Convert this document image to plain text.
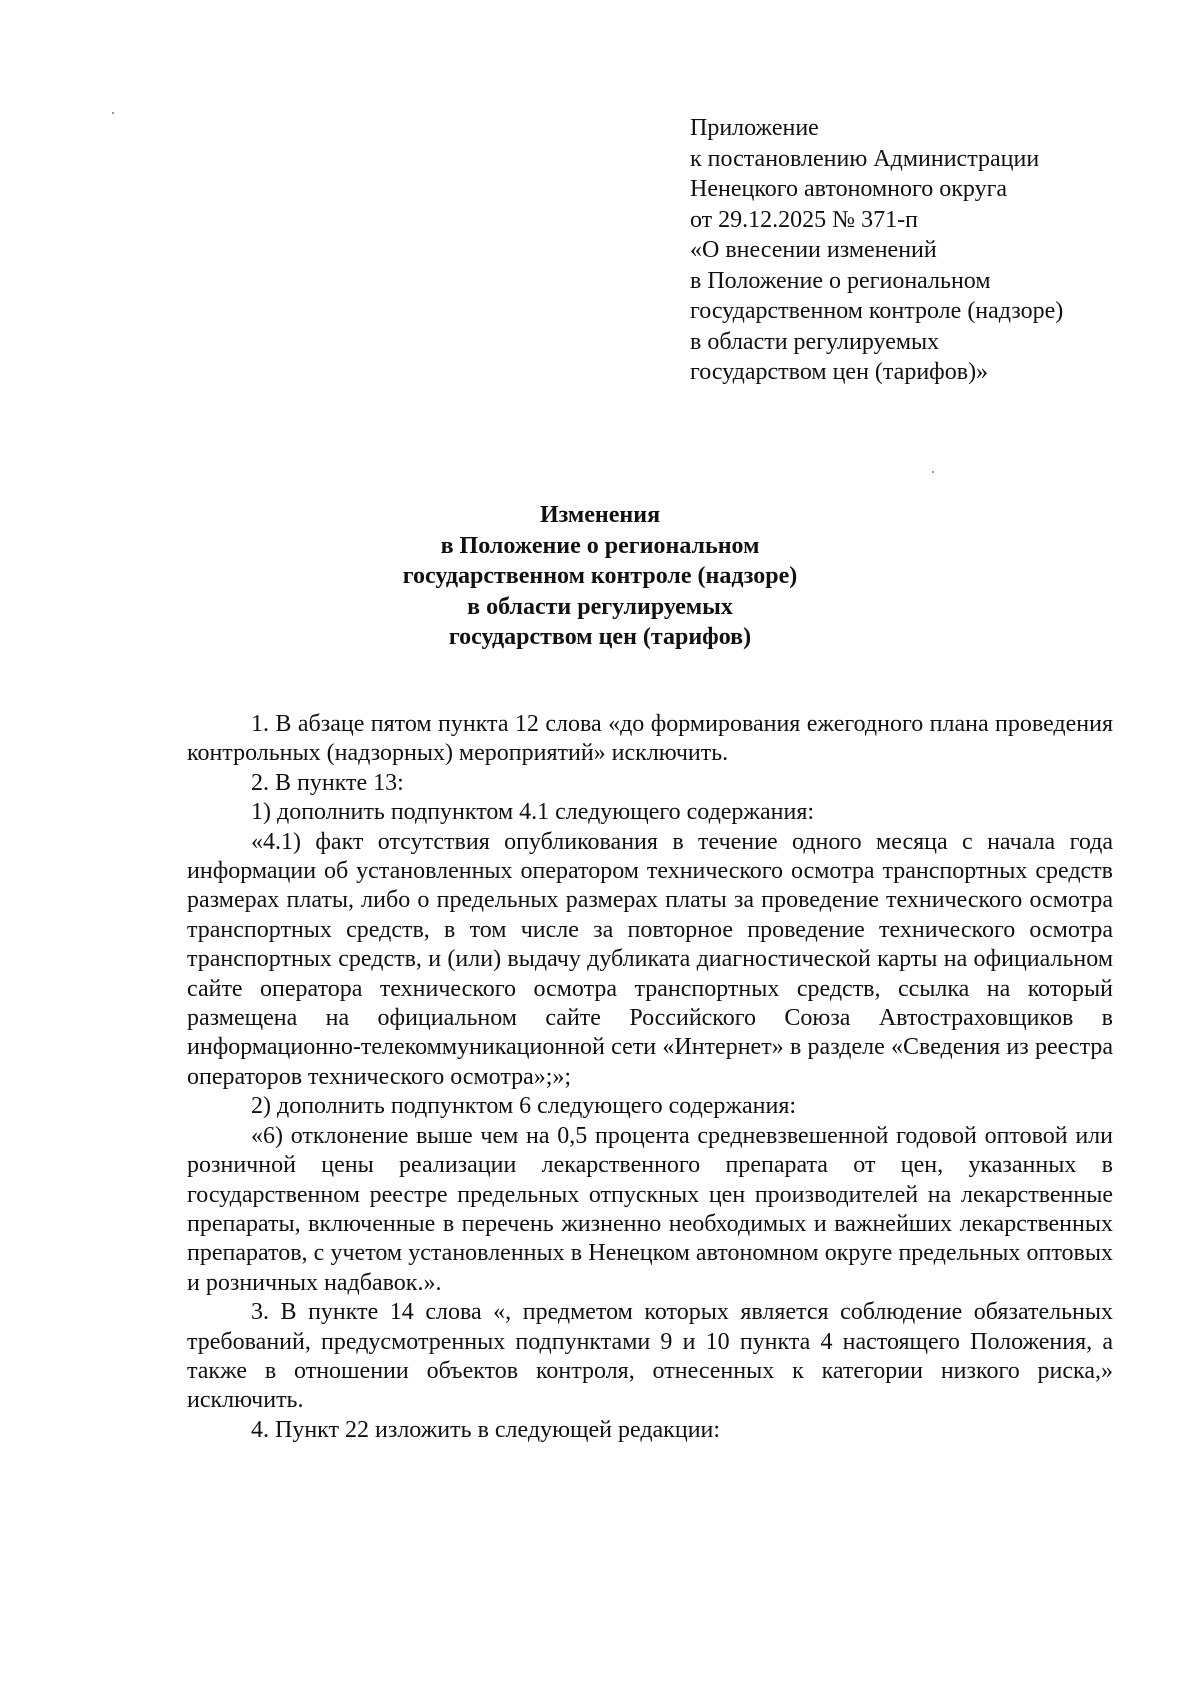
Приложение
к постановлению Администрации
Ненецкого автономного округа
от 29.12.2025 № 371-п
«О внесении изменений
в Положение о региональном
государственном контроле (надзоре)
в области регулируемых
государством цен (тарифов)»
Изменения
в Положение о региональном
государственном контроле (надзоре)
в области регулируемых
государством цен (тарифов)

1. В абзаце пятом пункта 12 слова «до формирования ежегодного плана проведения контрольных (надзорных) мероприятий» исключить.

2. В пункте 13:

1) дополнить подпунктом 4.1 следующего содержания:

«4.1) факт отсутствия опубликования в течение одного месяца с начала года информации об установленных оператором технического осмотра транспортных средств размерах платы, либо о предельных размерах платы за проведение технического осмотра транспортных средств, в том числе за повторное проведение технического осмотра транспортных средств, и (или) выдачу дубликата диагностической карты на официальном сайте оператора технического осмотра транспортных средств, ссылка на который размещена на официальном сайте Российского Союза Автостраховщиков в информационно-телекоммуникационной сети «Интернет» в разделе «Сведения из реестра операторов технического осмотра»;»;

2) дополнить подпунктом 6 следующего содержания:

«6) отклонение выше чем на 0,5 процента средневзвешенной годовой оптовой или розничной цены реализации лекарственного препарата от цен, указанных в государственном реестре предельных отпускных цен производителей на лекарственные препараты, включенные в перечень жизненно необходимых и важнейших лекарственных препаратов, с учетом установленных в Ненецком автономном округе предельных оптовых и розничных надбавок.».

3. В пункте 14 слова «, предметом которых является соблюдение обязательных требований, предусмотренных подпунктами 9 и 10 пункта 4 настоящего Положения, а также в отношении объектов контроля, отнесенных к категории низкого риска,» исключить.

4. Пункт 22 изложить в следующей редакции:
